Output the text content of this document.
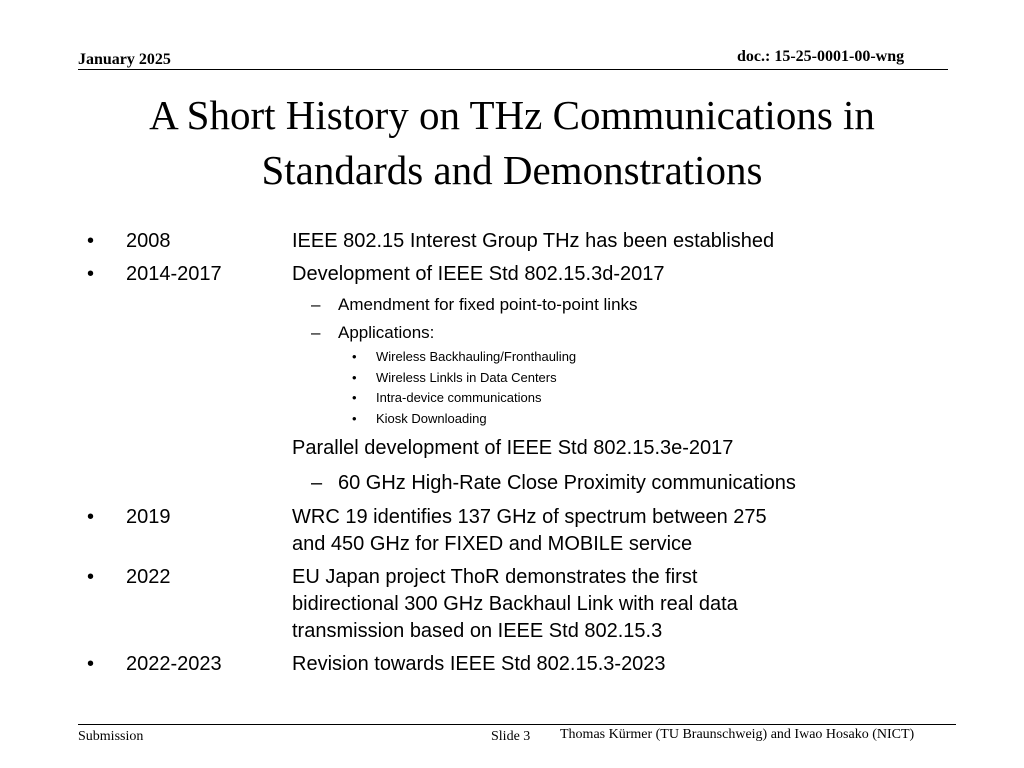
January 2025	doc.: 15-25-0001-00-wng
A Short History on THz Communications in
Standards and Demonstrations
• 2008	IEEE 802.15 Interest Group THz has been established
• 2014-2017	Development of IEEE Std 802.15.3d-2017
– Amendment for fixed point-to-point links
– Applications:
• Wireless Backhauling/Fronthauling
• Wireless Linkls in Data Centers
• Intra-device communications
• Kiosk Downloading
Parallel development of IEEE Std 802.15.3e-2017
– 60 GHz High-Rate Close Proximity communications
• 2019	WRC 19 identifies 137 GHz of spectrum between 275
and 450 GHz for FIXED and MOBILE service
• 2022	EU Japan project ThoR demonstrates the first
bidirectional 300 GHz Backhaul Link with real data
transmission based on IEEE Std 802.15.3
• 2022-2023	Revision towards IEEE Std 802.15.3-2023
Submission	Slide 3 Thomas Kürmer (TU Braunschweig) and Iwao Hosako (NICT)
